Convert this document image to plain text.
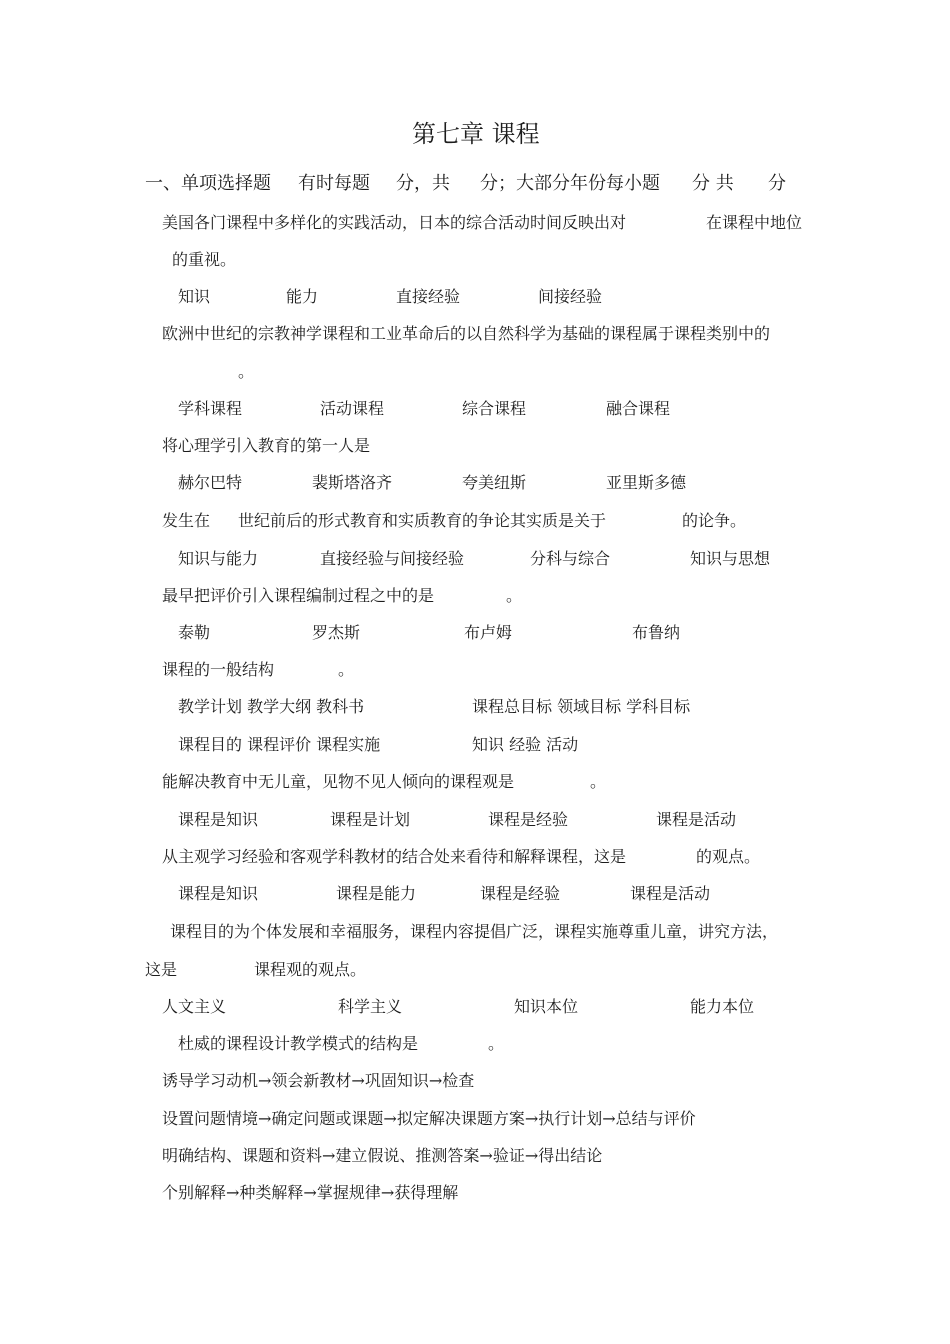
第七章 课程
一、单项选择题 有时每题 分，共 分；大部分年份每小题 分 共 分
美国各门课程中多样化的实践活动，日本的综合活动时间反映出对	在课程中地位
的重视。
知识	能力	直接经验	间接经验
欧洲中世纪的宗教神学课程和工业革命后的以自然科学为基础的课程属于课程类别中的
。
学科课程	活动课程	综合课程	融合课程
将心理学引入教育的第一人是
赫尔巴特	裴斯塔洛齐	夸美纽斯	亚里斯多德
发生在 世纪前后的形式教育和实质教育的争论其实质是关于	的论争。
知识与能力	直接经验与间接经验	分科与综合	知识与思想
最早把评价引入课程编制过程之中的是	。
泰勒	罗杰斯	布卢姆	布鲁纳
课程的一般结构	。
教学计划 教学大纲 教科书	课程总目标 领域目标 学科目标
课程目的 课程评价 课程实施	知识 经验 活动
能解决教育中无儿童，见物不见人倾向的课程观是	。
课程是知识	课程是计划	课程是经验	课程是活动
从主观学习经验和客观学科教材的结合处来看待和解释课程，这是	的观点。
课程是知识	课程是能力	课程是经验	课程是活动
课程目的为个体发展和幸福服务，课程内容提倡广泛，课程实施尊重儿童，讲究方法，
这是	课程观的观点。
人文主义	科学主义	知识本位	能力本位
杜威的课程设计教学模式的结构是	。
诱导学习动机→领会新教材→巩固知识→检查
设置问题情境→确定问题或课题→拟定解决课题方案→执行计划→总结与评价
明确结构、课题和资料→建立假说、推测答案→验证→得出结论
个别解释→种类解释→掌握规律→获得理解
